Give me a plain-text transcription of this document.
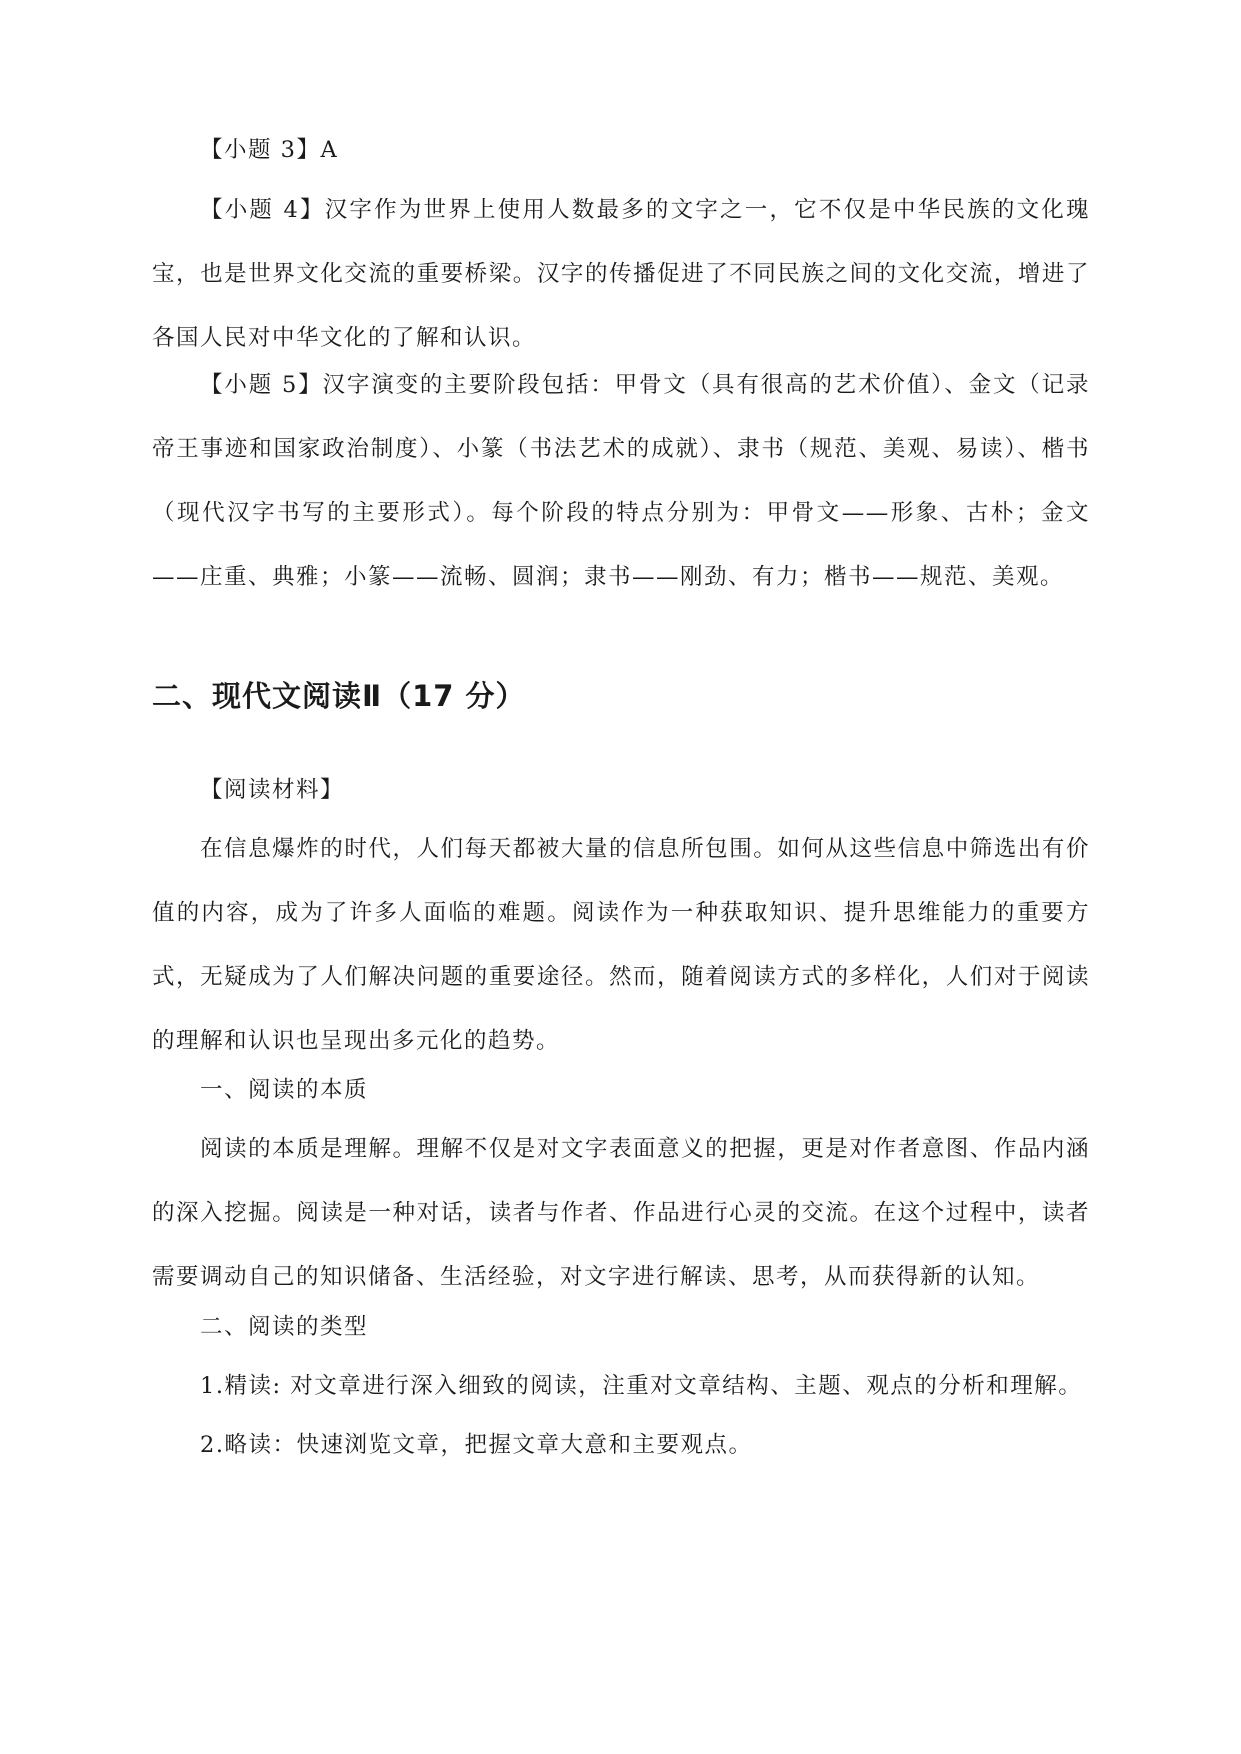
【小题 3】A

【小题 4】汉字作为世界上使用人数最多的文字之一，它不仅是中华民族的文化瑰宝，也是世界文化交流的重要桥梁。汉字的传播促进了不同民族之间的文化交流，增进了各国人民对中华文化的了解和认识。

【小题 5】汉字演变的主要阶段包括：甲骨文（具有很高的艺术价值）、金文（记录帝王事迹和国家政治制度）、小篆（书法艺术的成就）、隶书（规范、美观、易读）、楷书（现代汉字书写的主要形式）。每个阶段的特点分别为：甲骨文——形象、古朴；金文——庄重、典雅；小篆——流畅、圆润；隶书——刚劲、有力；楷书——规范、美观。

二、现代文阅读Ⅱ（17 分）

【阅读材料】

在信息爆炸的时代，人们每天都被大量的信息所包围。如何从这些信息中筛选出有价值的内容，成为了许多人面临的难题。阅读作为一种获取知识、提升思维能力的重要方式，无疑成为了人们解决问题的重要途径。然而，随着阅读方式的多样化，人们对于阅读的理解和认识也呈现出多元化的趋势。

一、阅读的本质

阅读的本质是理解。理解不仅是对文字表面意义的把握，更是对作者意图、作品内涵的深入挖掘。阅读是一种对话，读者与作者、作品进行心灵的交流。在这个过程中，读者需要调动自己的知识储备、生活经验，对文字进行解读、思考，从而获得新的认知。

二、阅读的类型

1.精读: 对文章进行深入细致的阅读，注重对文章结构、主题、观点的分析和理解。

2.略读：快速浏览文章，把握文章大意和主要观点。
